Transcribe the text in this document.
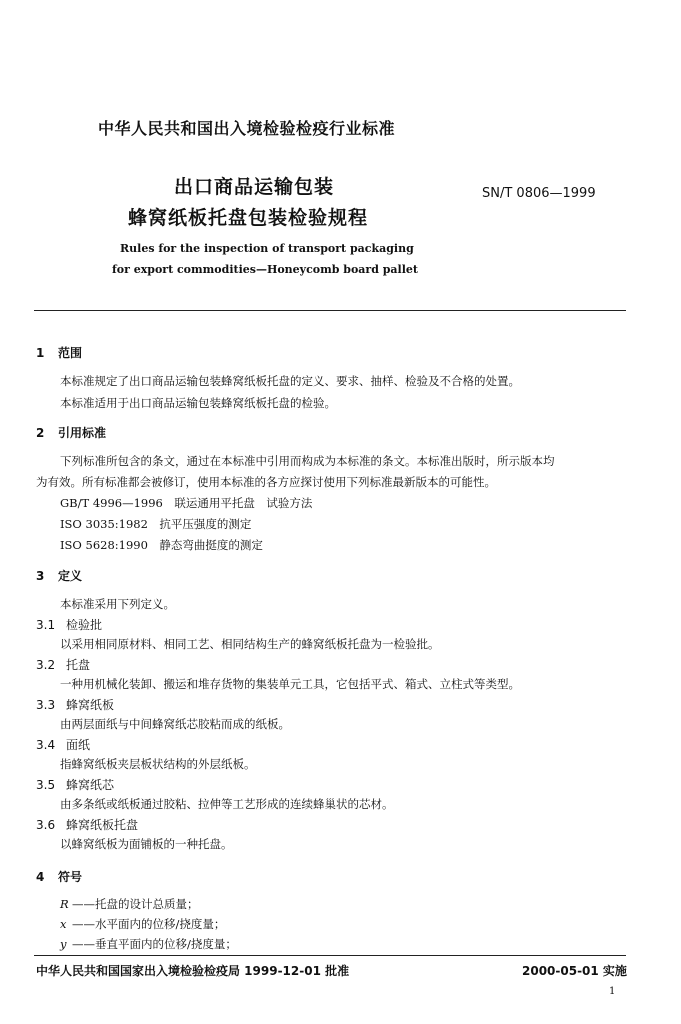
中华人民共和国出入境检验检疫行业标准
出口商品运输包装
蜂窝纸板托盘包装检验规程
SN/T 0806—1999
Rules for the inspection of transport packaging
for export commodities—Honeycomb board pallet
1 范围
本标准规定了出口商品运输包装蜂窝纸板托盘的定义、要求、抽样、检验及不合格的处置。
本标准适用于出口商品运输包装蜂窝纸板托盘的检验。
2 引用标准
下列标准所包含的条文，通过在本标准中引用而构成为本标准的条文。本标准出版时，所示版本均
为有效。所有标准都会被修订，使用本标准的各方应探讨使用下列标准最新版本的可能性。
GB/T 4996—1996　联运通用平托盘　试验方法
ISO 3035:1982　抗平压强度的测定
ISO 5628:1990　静态弯曲挺度的测定
3 定义
本标准采用下列定义。
3.1 检验批
以采用相同原材料、相同工艺、相同结构生产的蜂窝纸板托盘为一检验批。
3.2 托盘
一种用机械化装卸、搬运和堆存货物的集装单元工具，它包括平式、箱式、立柱式等类型。
3.3 蜂窝纸板
由两层面纸与中间蜂窝纸芯胶粘而成的纸板。
3.4 面纸
指蜂窝纸板夹层板状结构的外层纸板。
3.5 蜂窝纸芯
由多条纸或纸板通过胶粘、拉伸等工艺形成的连续蜂巢状的芯材。
3.6 蜂窝纸板托盘
以蜂窝纸板为面铺板的一种托盘。
4 符号
R ——托盘的设计总质量；
x ——水平面内的位移/挠度量；
y ——垂直平面内的位移/挠度量；
中华人民共和国国家出入境检验检疫局 1999-12-01 批准	2000-05-01 实施
1
